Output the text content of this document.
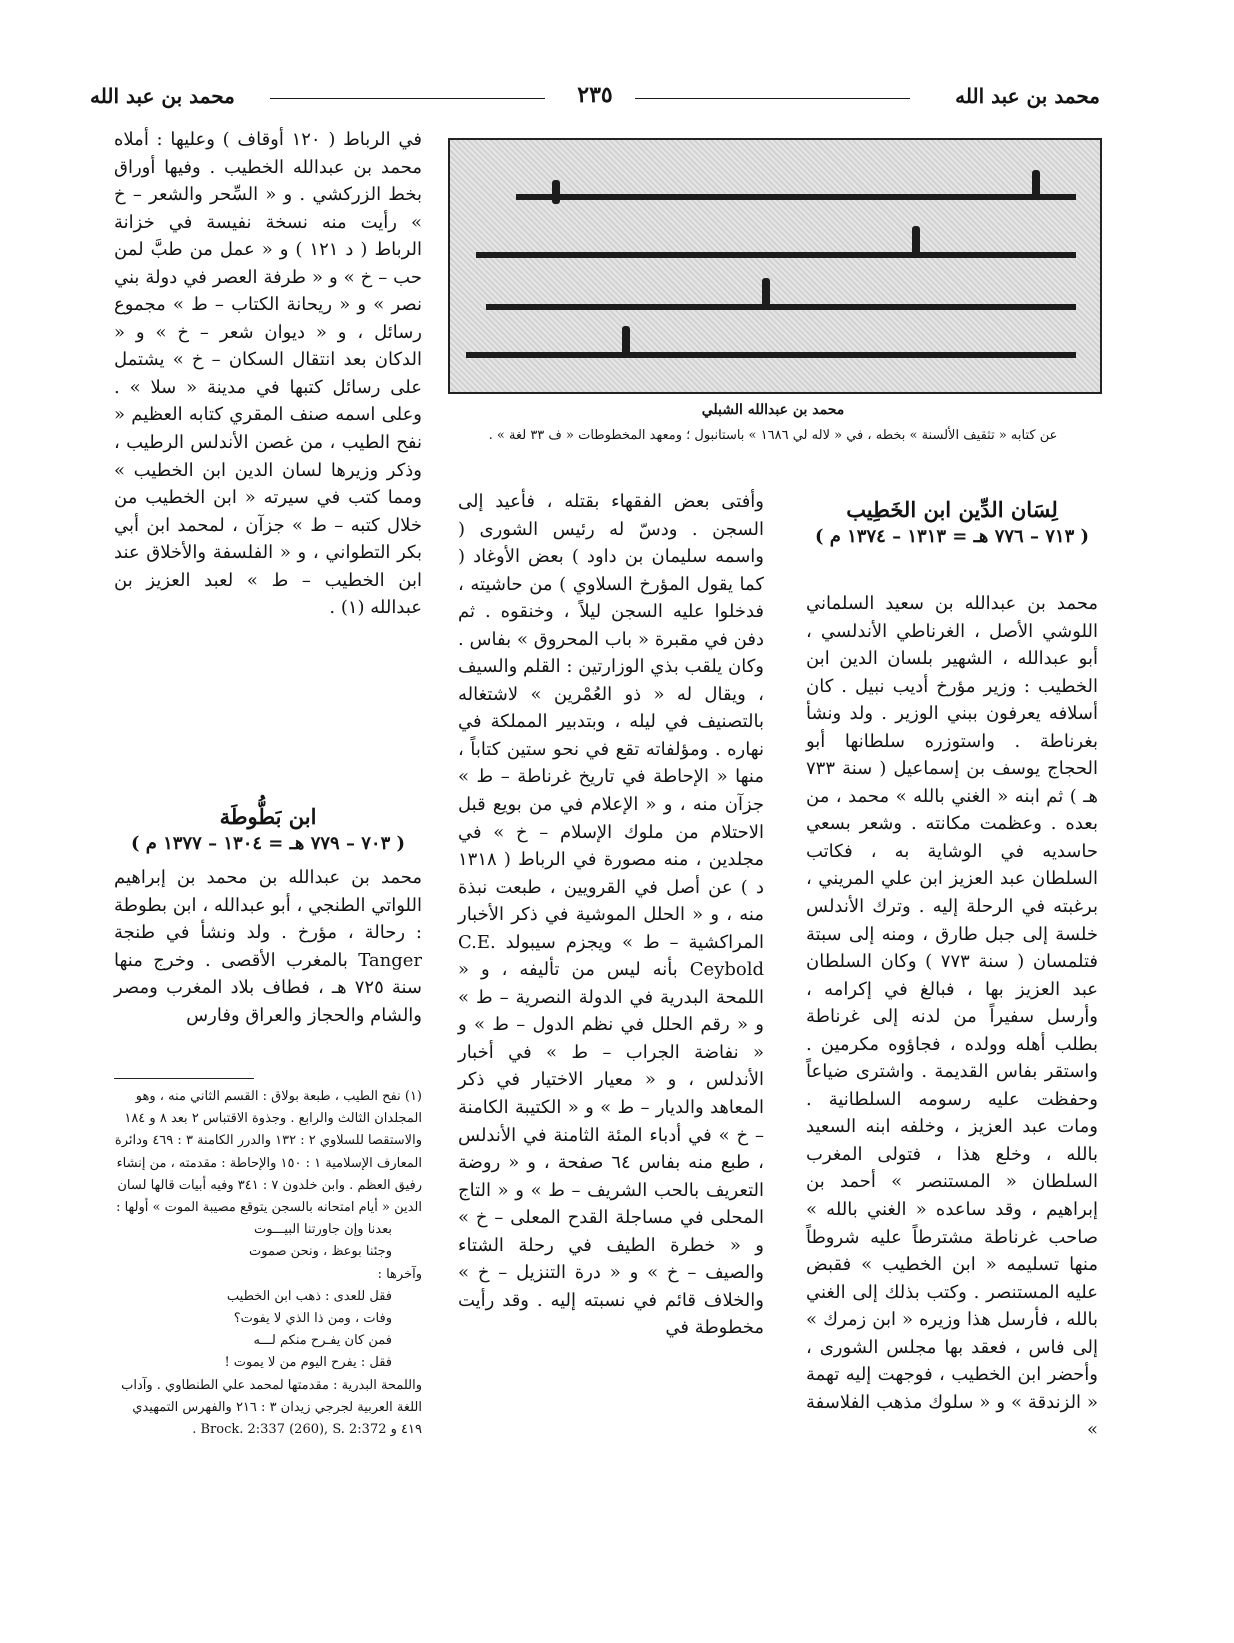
محمد بن عبد الله
٢٣٥
محمد بن عبد الله
محمد بن عبدالله الشبلي
عن كتابه « تثقيف الألسنة » بخطه ، في « لاله لي ١٦٨٦ » باستانبول ؛ ومعهد المخطوطات « ف ٣٣ لغة » .
لِسَان الدِّين ابن الخَطِيب
( ٧١٣ – ٧٧٦ هـ = ١٣١٣ – ١٣٧٤ م )

محمد بن عبدالله بن سعيد السلماني اللوشي الأصل ، الغرناطي الأندلسي ، أبو عبدالله ، الشهير بلسان الدين ابن الخطيب : وزير مؤرخ أديب نبيل . كان أسلافه يعرفون ببني الوزير . ولد ونشأ بغرناطة . واستوزره سلطانها أبو الحجاج يوسف بن إسماعيل ( سنة ٧٣٣ هـ ) ثم ابنه « الغني بالله » محمد ، من بعده . وعظمت مكانته . وشعر بسعي حاسديه في الوشاية به ، فكاتب السلطان عبد العزيز ابن علي المريني ، برغبته في الرحلة إليه . وترك الأندلس خلسة إلى جبل طارق ، ومنه إلى سبتة فتلمسان ( سنة ٧٧٣ ) وكان السلطان عبد العزيز بها ، فبالغ في إكرامه ، وأرسل سفيراً من لدنه إلى غرناطة بطلب أهله وولده ، فجاؤوه مكرمين . واستقر بفاس القديمة . واشترى ضياعاً وحفظت عليه رسومه السلطانية . ومات عبد العزيز ، وخلفه ابنه السعيد بالله ، وخلع هذا ، فتولى المغرب السلطان « المستنصر » أحمد بن إبراهيم ، وقد ساعده « الغني بالله » صاحب غرناطة مشترطاً عليه شروطاً منها تسليمه « ابن الخطيب » فقبض عليه المستنصر . وكتب بذلك إلى الغني بالله ، فأرسل هذا وزيره « ابن زمرك » إلى فاس ، فعقد بها مجلس الشورى ، وأحضر ابن الخطيب ، فوجهت إليه تهمة « الزندقة » و « سلوك مذهب الفلاسفة »

وأفتى بعض الفقهاء بقتله ، فأعيد إلى السجن . ودسّ له رئيس الشورى ( واسمه سليمان بن داود ) بعض الأوغاد ( كما يقول المؤرخ السلاوي ) من حاشيته ، فدخلوا عليه السجن ليلاً ، وخنقوه . ثم دفن في مقبرة « باب المحروق » بفاس . وكان يلقب بذي الوزارتين : القلم والسيف ، ويقال له « ذو العُمْرين » لاشتغاله بالتصنيف في ليله ، وبتدبير المملكة في نهاره . ومؤلفاته تقع في نحو ستين كتاباً ، منها « الإحاطة في تاريخ غرناطة – ط » جزآن منه ، و « الإعلام في من بويع قبل الاحتلام من ملوك الإسلام – خ » في مجلدين ، منه مصورة في الرباط ( ١٣١٨ د ) عن أصل في القرويين ، طبعت نبذة منه ، و « الحلل الموشية في ذكر الأخبار المراكشية – ط » ويجزم سيبولد C.E. Ceybold بأنه ليس من تأليفه ، و « اللمحة البدرية في الدولة النصرية – ط » و « رقم الحلل في نظم الدول – ط » و « نفاضة الجراب – ط » في أخبار الأندلس ، و « معيار الاختيار في ذكر المعاهد والديار – ط » و « الكتيبة الكامنة – خ » في أدباء المئة الثامنة في الأندلس ، طبع منه بفاس ٦٤ صفحة ، و « روضة التعريف بالحب الشريف – ط » و « التاج المحلى في مساجلة القدح المعلى – خ » و « خطرة الطيف في رحلة الشتاء والصيف – خ » و « درة التنزيل – خ » والخلاف قائم في نسبته إليه . وقد رأيت مخطوطة في

في الرباط ( ١٢٠ أوقاف ) وعليها : أملاه محمد بن عبدالله الخطيب . وفيها أوراق بخط الزركشي . و « السِّحر والشعر – خ » رأيت منه نسخة نفيسة في خزانة الرباط ( د ١٢١ ) و « عمل من طبَّ لمن حب – خ » و « طرفة العصر في دولة بني نصر » و « ريحانة الكتاب – ط » مجموع رسائل ، و « ديوان شعر – خ » و « الدكان بعد انتقال السكان – خ » يشتمل على رسائل كتبها في مدينة « سلا » . وعلى اسمه صنف المقري كتابه العظيم « نفح الطيب ، من غصن الأندلس الرطيب ، وذكر وزيرها لسان الدين ابن الخطيب » ومما كتب في سيرته « ابن الخطيب من خلال كتبه – ط » جزآن ، لمحمد ابن أبي بكر التطواني ، و « الفلسفة والأخلاق عند ابن الخطيب – ط » لعبد العزيز بن عبدالله (١) .

ابن بَطُّوطَة
( ٧٠٣ – ٧٧٩ هـ = ١٣٠٤ – ١٣٧٧ م )

محمد بن عبدالله بن محمد بن إبراهيم اللواتي الطنجي ، أبو عبدالله ، ابن بطوطة : رحالة ، مؤرخ . ولد ونشأ في طنجة Tanger بالمغرب الأقصى . وخرج منها سنة ٧٢٥ هـ ، فطاف بلاد المغرب ومصر والشام والحجاز والعراق وفارس

(١) نفح الطيب ، طبعة بولاق : القسم الثاني منه ، وهو المجلدان الثالث والرابع . وجذوة الاقتباس ٢ بعد ٨ و ١٨٤ والاستقصا للسلاوي ٢ : ١٣٢ والدرر الكامنة ٣ : ٤٦٩ ودائرة المعارف الإسلامية ١ : ١٥٠ والإحاطة : مقدمته ، من إنشاء رفيق العظم . وابن خلدون ٧ : ٣٤١ وفيه أبيات قالها لسان الدين « أيام امتحانه بالسجن يتوقع مصيبة الموت » أولها :

بعدنا وإن جاورتنا البيـــوت

وجئنا بوعظ ، ونحن صموت

وآخرها :

فقل للعدى : ذهب ابن الخطيب

وفات ، ومن ذا الذي لا يفوت؟

فمن كان يفـرح منكم لـــه

فقل : يفرح اليوم من لا يموت !

واللمحة البدرية : مقدمتها لمحمد علي الطنطاوي . وآداب اللغة العربية لجرجي زيدان ٣ : ٢١٦ والفهرس التمهيدي ٤١٩ و Brock. 2:337 (260), S. 2:372 .
